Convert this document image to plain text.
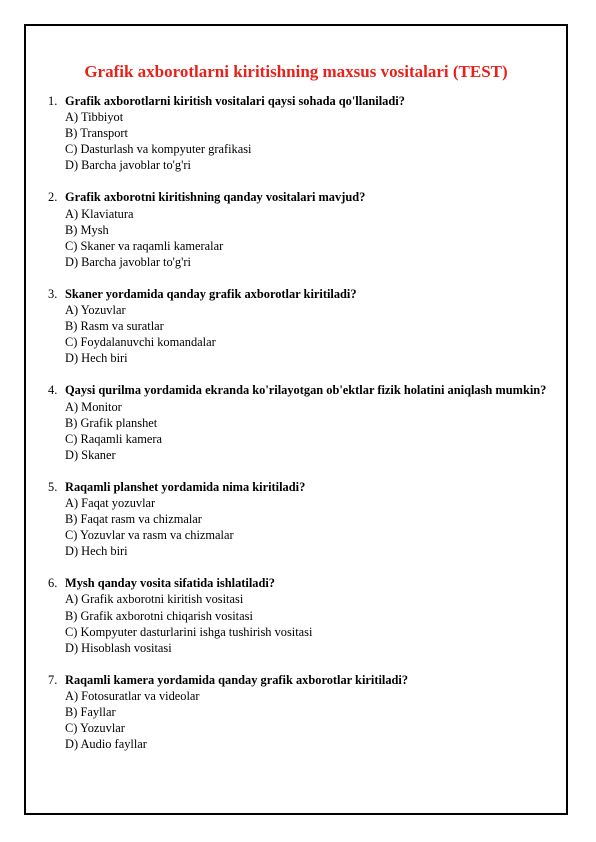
Grafik axborotlarni kiritishning maxsus vositalari (TEST)
1. Grafik axborotlarni kiritish vositalari qaysi sohada qo'llaniladi?
A) Tibbiyot
B) Transport
C) Dasturlash va kompyuter grafikasi
D) Barcha javoblar to'g'ri
2. Grafik axborotni kiritishning qanday vositalari mavjud?
A) Klaviatura
B) Mysh
C) Skaner va raqamli kameralar
D) Barcha javoblar to'g'ri
3. Skaner yordamida qanday grafik axborotlar kiritiladi?
A) Yozuvlar
B) Rasm va suratlar
C) Foydalanuvchi komandalar
D) Hech biri
4. Qaysi qurilma yordamida ekranda ko'rilayotgan ob'ektlar fizik holatini aniqlash mumkin?
A) Monitor
B) Grafik planshet
C) Raqamli kamera
D) Skaner
5. Raqamli planshet yordamida nima kiritiladi?
A) Faqat yozuvlar
B) Faqat rasm va chizmalar
C) Yozuvlar va rasm va chizmalar
D) Hech biri
6. Mysh qanday vosita sifatida ishlatiladi?
A) Grafik axborotni kiritish vositasi
B) Grafik axborotni chiqarish vositasi
C) Kompyuter dasturlarini ishga tushirish vositasi
D) Hisoblash vositasi
7. Raqamli kamera yordamida qanday grafik axborotlar kiritiladi?
A) Fotosuratlar va videolar
B) Fayllar
C) Yozuvlar
D) Audio fayllar
